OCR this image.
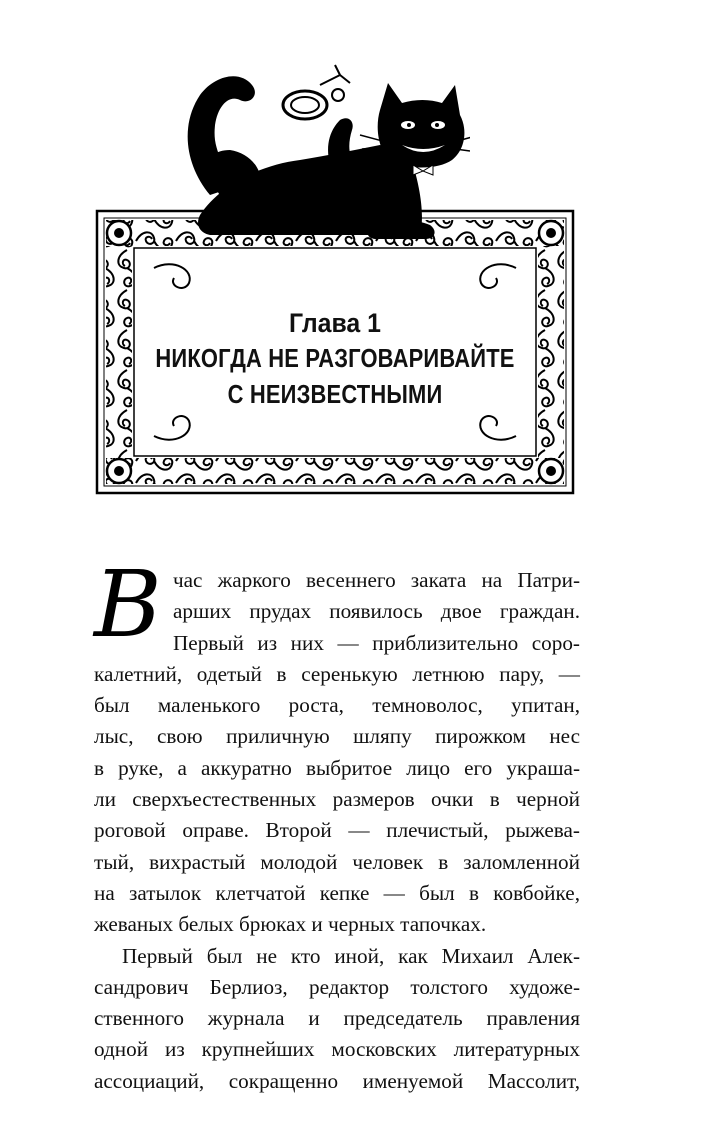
Глава 1
НИКОГДА НЕ РАЗГОВАРИВАЙТЕ
С НЕИЗВЕСТНЫМИ
В час жаркого весеннего заката на Патри-
арших прудах появилось двое граждан.
Первый из них — приблизительно соро-
калетний, одетый в серенькую летнюю пару, —
был маленького роста, темноволос, упитан,
лыс, свою приличную шляпу пирожком нес
в руке, а аккуратно выбритое лицо его украша-
ли сверхъестественных размеров очки в черной
роговой оправе. Второй — плечистый, рыжева-
тый, вихрастый молодой человек в заломленной
на затылок клетчатой кепке — был в ковбойке,
жеваных белых брюках и черных тапочках.
Первый был не кто иной, как Михаил Алек-
сандрович Берлиоз, редактор толстого художе-
ственного журнала и председатель правления
одной из крупнейших московских литературных
ассоциаций, сокращенно именуемой Массолит,
